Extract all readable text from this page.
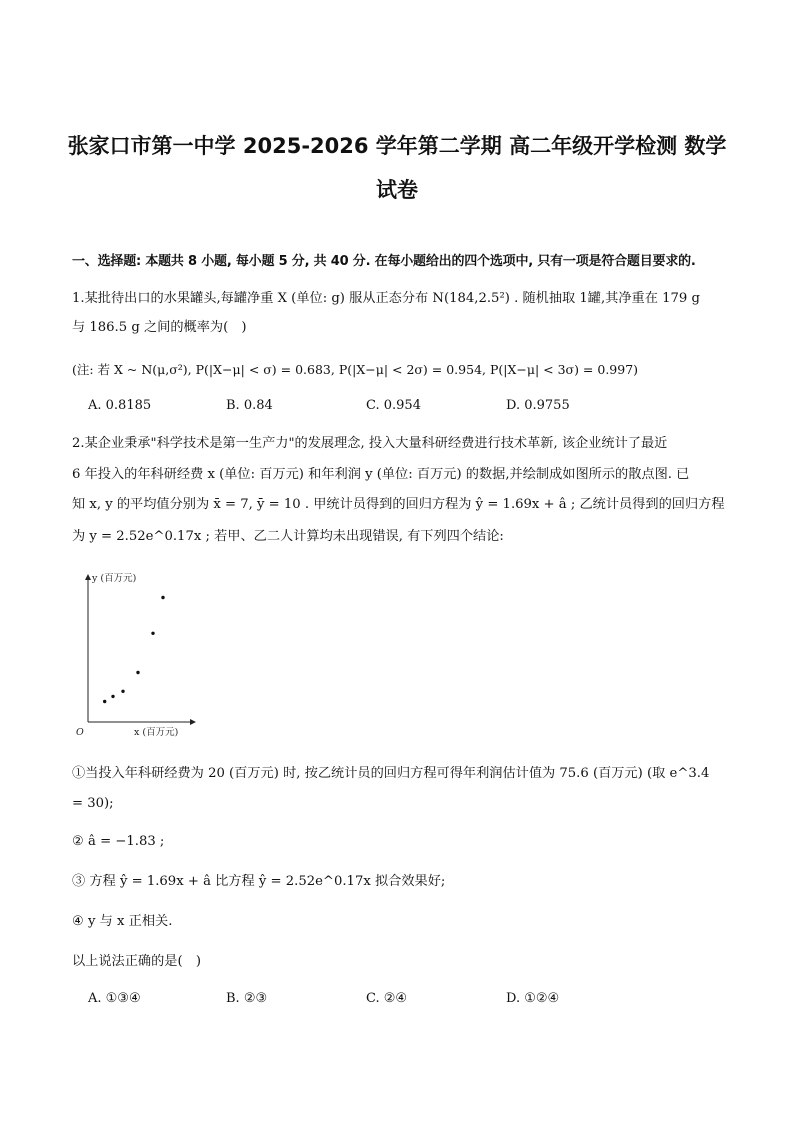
张家口市第一中学 2025-2026 学年第二学期 高二年级开学检测 数学
试卷
一、选择题: 本题共 8 小题, 每小题 5 分, 共 40 分. 在每小题给出的四个选项中, 只有一项是符合题目要求的.
1.某批待出口的水果罐头,每罐净重 X (单位: g) 服从正态分布 N(184,2.5²) . 随机抽取 1罐,其净重在 179 g
与 186.5 g 之间的概率为(　)
(注: 若 X ~ N(μ,σ²), P(|X−μ| < σ) = 0.683, P(|X−μ| < 2σ) = 0.954, P(|X−μ| < 3σ) = 0.997)
A. 0.8185	B. 0.84	C. 0.954	D. 0.9755
2.某企业秉承"科学技术是第一生产力"的发展理念, 投入大量科研经费进行技术革新, 该企业统计了最近
6 年投入的年科研经费 x (单位: 百万元) 和年利润 y (单位: 百万元) 的数据,并绘制成如图所示的散点图. 已
知 x, y 的平均值分别为 x̄ = 7, ȳ = 10 . 甲统计员得到的回归方程为 ŷ = 1.69x + â ; 乙统计员得到的回归方程
为 y = 2.52e^0.17x ; 若甲、乙二人计算均未出现错误, 有下列四个结论:
y (百万元)
x (百万元)
O
①当投入年科研经费为 20 (百万元) 时, 按乙统计员的回归方程可得年利润估计值为 75.6 (百万元) (取 e^3.4
= 30);
② â = −1.83 ;
③ 方程 ŷ = 1.69x + â 比方程 ŷ = 2.52e^0.17x 拟合效果好;
④ y 与 x 正相关.
以上说法正确的是(　)
A. ①③④	B. ②③	C. ②④	D. ①②④
